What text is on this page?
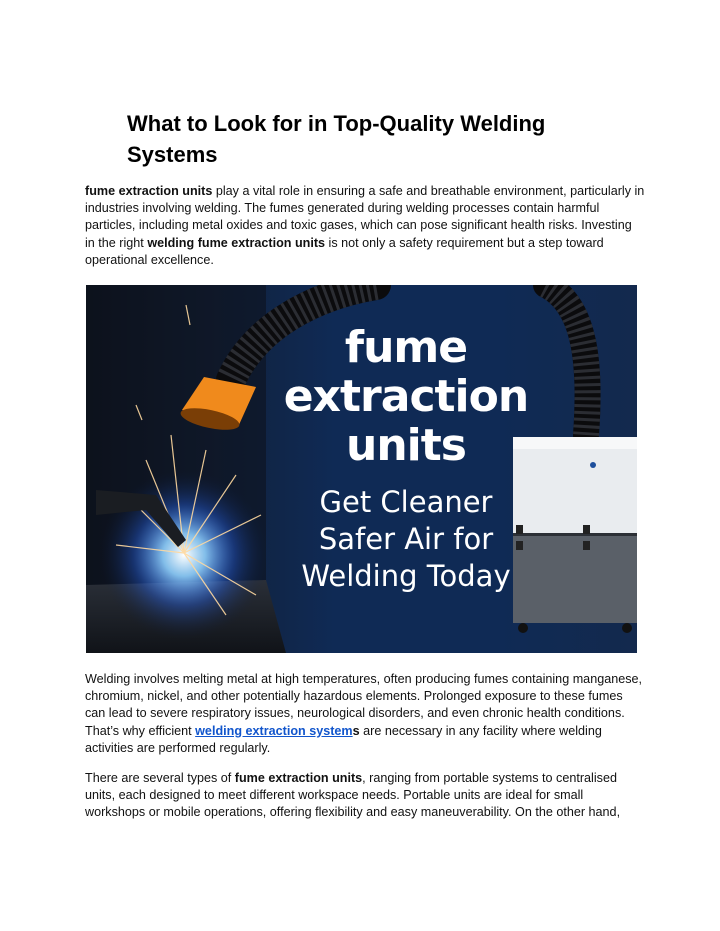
What to Look for in Top-Quality Welding Systems

fume extraction units play a vital role in ensuring a safe and breathable environment, particularly in industries involving welding. The fumes generated during welding processes contain harmful particles, including metal oxides and toxic gases, which can pose significant health risks. Investing in the right welding fume extraction units is not only a safety requirement but a step toward operational excellence.

fume
extraction
units
Get Cleaner
Safer Air for
Welding Today

Welding involves melting metal at high temperatures, often producing fumes containing manganese, chromium, nickel, and other potentially hazardous elements. Prolonged exposure to these fumes can lead to severe respiratory issues, neurological disorders, and even chronic health conditions. That’s why efficient welding extraction systems are necessary in any facility where welding activities are performed regularly.

There are several types of fume extraction units, ranging from portable systems to centralised units, each designed to meet different workspace needs. Portable units are ideal for small workshops or mobile operations, offering flexibility and easy maneuverability. On the other hand,
